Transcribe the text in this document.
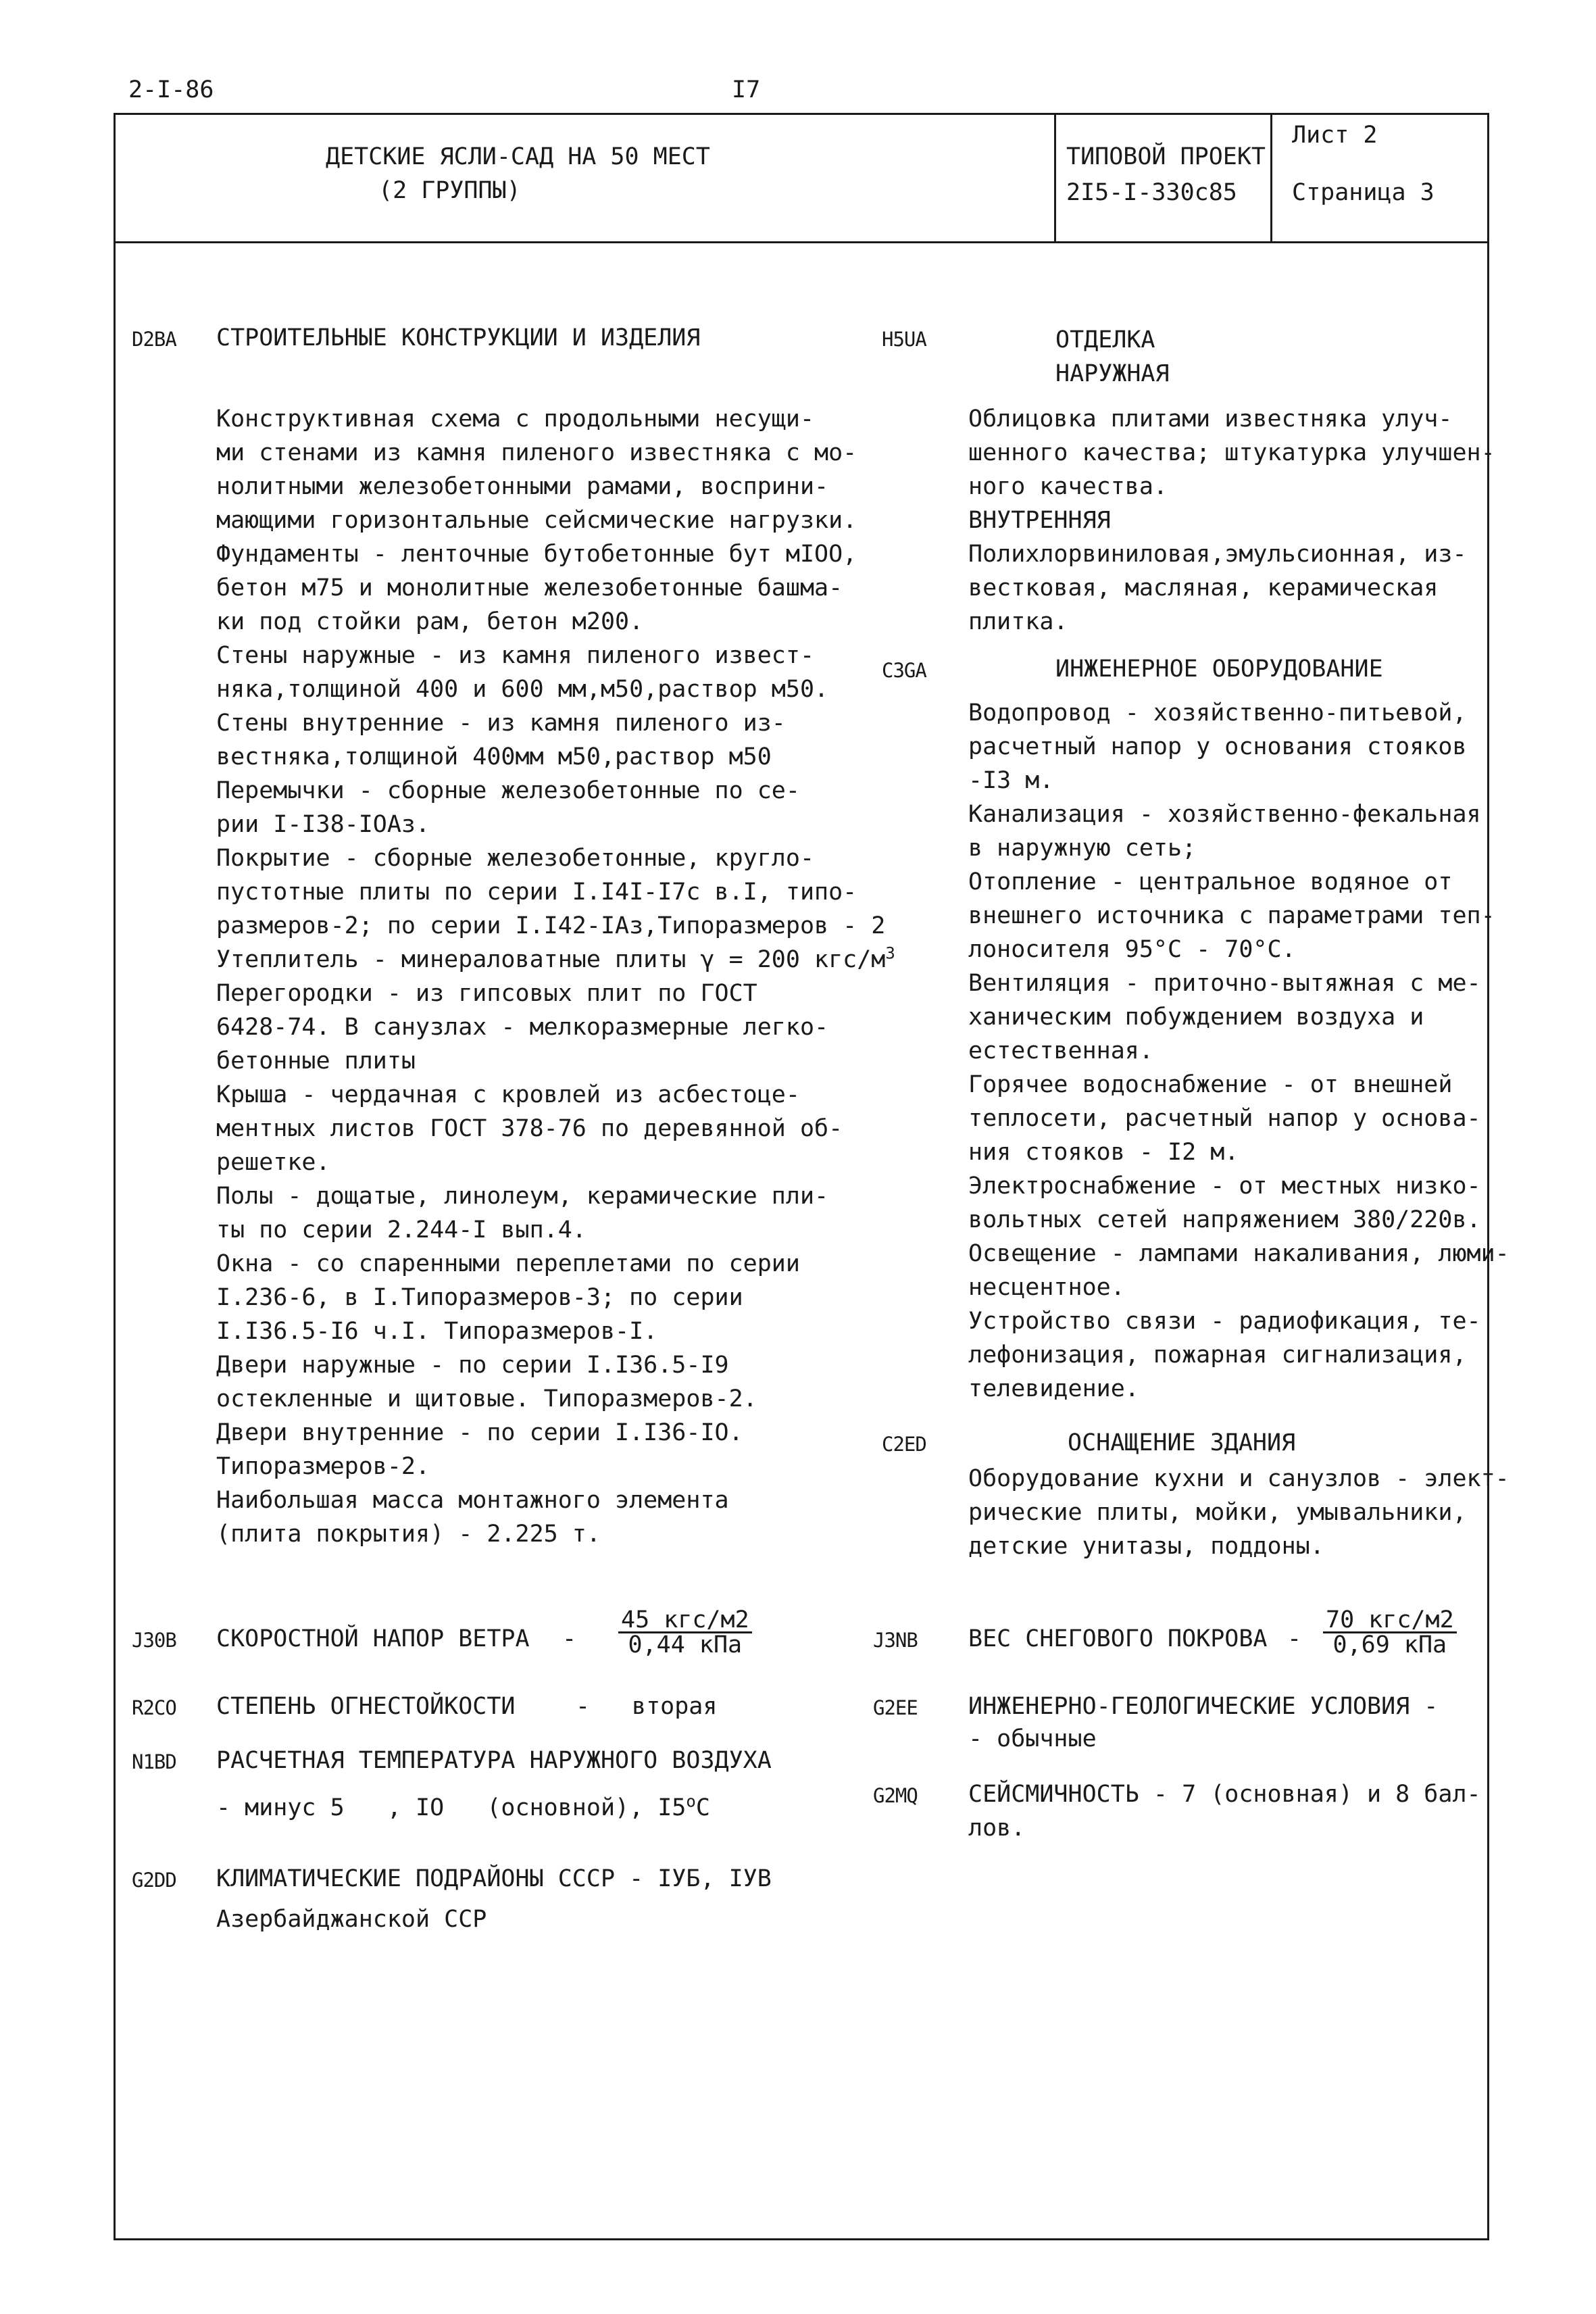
2-I-86	I7
ДЕТСКИЕ ЯСЛИ-САД НА 50 МЕСТ
(2 ГРУППЫ)
ТИПОВОЙ ПРОЕКТ
2I5-I-330с85
Лист 2
Страница 3
D2BA СТРОИТЕЛЬНЫЕ КОНСТРУКЦИИ И ИЗДЕЛИЯ
Конструктивная схема с продольными несущи-
ми стенами из камня пиленого известняка с мо-
нолитными железобетонными рамами, восприни-
мающими горизонтальные сейсмические нагрузки.
Фундаменты - ленточные бутобетонные бут мIОО,
бетон м75 и монолитные железобетонные башма-
ки под стойки рам, бетон м200.
Стены наружные - из камня пиленого извест-
няка,толщиной 400 и 600 мм,м50,раствор м50.
Стены внутренние - из камня пиленого из-
вестняка,толщиной 400мм м50,раствор м50
Перемычки - сборные железобетонные по се-
рии I-I38-IОАз.
Покрытие - сборные железобетонные, кругло-
пустотные плиты по серии I.I4I-I7с в.I, типо-
размеров-2; по серии I.I42-IАз,Типоразмеров - 2
Утеплитель - минераловатные плиты γ = 200 кгс/$м^3$
Перегородки - из гипсовых плит по ГОСТ
6428-74. В санузлах - мелкоразмерные легко-
бетонные плиты
Крыша - чердачная с кровлей из асбестоце-
ментных листов ГОСТ 378-76 по деревянной об-
решетке.
Полы - дощатые, линолеум, керамические пли-
ты по серии 2.244-I вып.4.
Окна - со спаренными переплетами по серии
I.236-6, в I.Типоразмеров-3; по серии
I.I36.5-I6 ч.I. Типоразмеров-I.
Двери наружные - по серии I.I36.5-I9
остекленные и щитовые. Типоразмеров-2.
Двери внутренние - по серии I.I36-IО.
Типоразмеров-2.
Наибольшая масса монтажного элемента
(плита покрытия) - 2.225 т.
J30B СКОРОСТНОЙ НАПОР ВЕТРА - $\frac{\text{45 кгс/м2}}{\text{0,44 кПа}}$
R2CO СТЕПЕНЬ ОГНЕСТОЙКОСТИ	- вторая
N1BD РАСЧЕТНАЯ ТЕМПЕРАТУРА НАРУЖНОГО ВОЗДУХА
- минус 5   , IО   (основной), I5$^o$С
G2DD КЛИМАТИЧЕСКИЕ ПОДРАЙОНЫ СССР - IУБ, IУВ
Азербайджанской ССР
H5UA	ОТДЕЛКА
НАРУЖНАЯ
Облицовка плитами известняка улуч-
шенного качества; штукатурка улучшен-
ного качества.
ВНУТРЕННЯЯ
Полихлорвиниловая,эмульсионная, из-
вестковая, масляная, керамическая
плитка.
C3GA	ИНЖЕНЕРНОЕ ОБОРУДОВАНИЕ
Водопровод - хозяйственно-питьевой,
расчетный напор у основания стояков
-I3 м.
Канализация - хозяйственно-фекальная
в наружную сеть;
Отопление - центральное водяное от
внешнего источника с параметрами теп-
лоносителя 95°С - 70°С.
Вентиляция - приточно-вытяжная с ме-
ханическим побуждением воздуха и
естественная.
Горячее водоснабжение - от внешней
теплосети, расчетный напор у основа-
ния стояков - I2 м.
Электроснабжение - от местных низко-
вольтных сетей напряжением 380/220в.
Освещение - лампами накаливания, люми-
несцентное.
Устройство связи - радиофикация, те-
лефонизация, пожарная сигнализация,
телевидение.
C2ED	ОСНАЩЕНИЕ ЗДАНИЯ
Оборудование кухни и санузлов - элект-
рические плиты, мойки, умывальники,
детские унитазы, поддоны.
J3NB ВЕС СНЕГОВОГО ПОКРОВА - $\frac{\text{70 кгс/м2}}{\text{0,69 кПа}}$
G2EE ИНЖЕНЕРНО-ГЕОЛОГИЧЕСКИЕ УСЛОВИЯ -
- обычные
G2MQ СЕЙСМИЧНОСТЬ - 7 (основная) и 8 бал-
лов.
